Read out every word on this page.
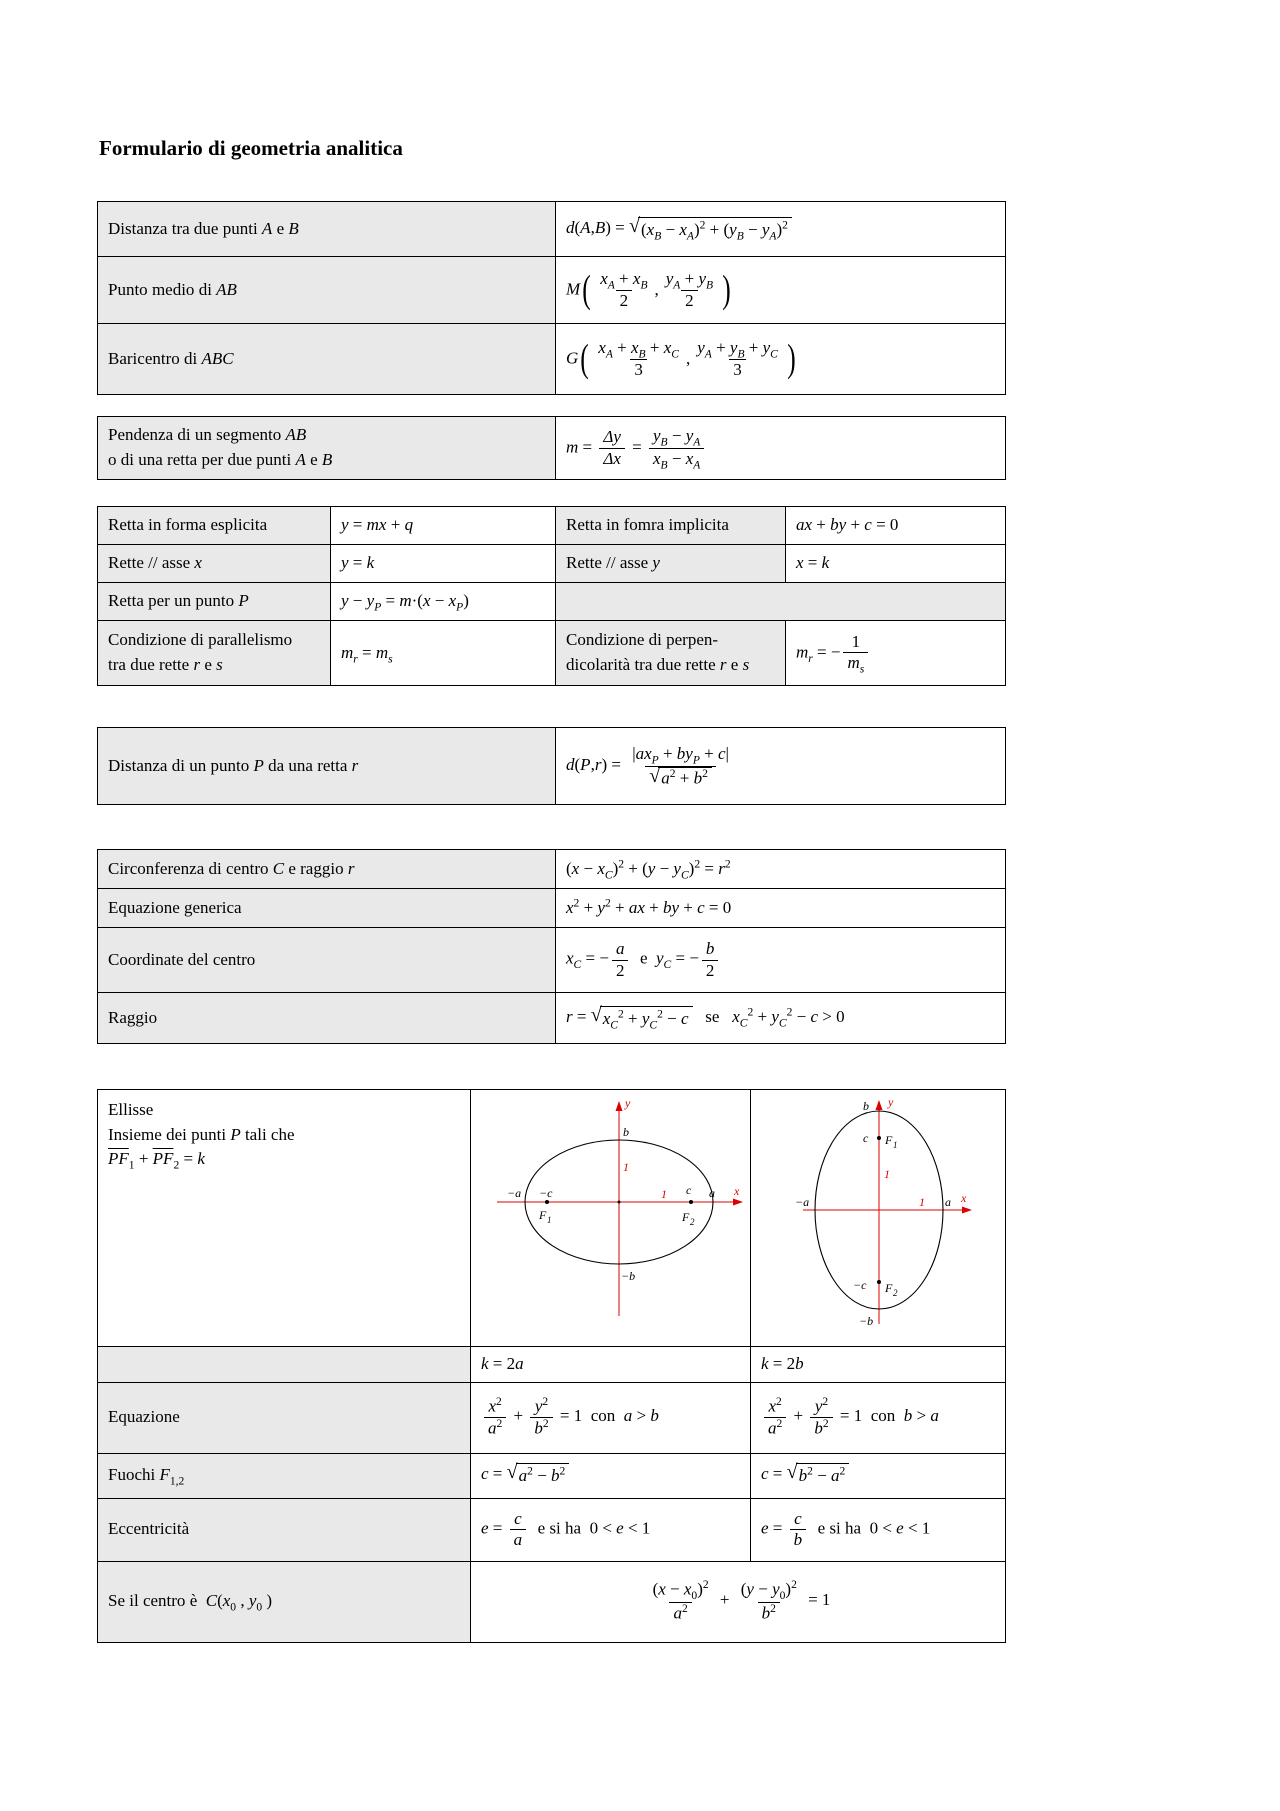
Formulario di geometria analitica
Distanza tra due punti A e B	d(A,B) = √ $(x_B - x_A)^2 + (y_B - y_A)^2$

Punto medio di AB	M ( $\frac{x_A + x_B}{2}$ , $\frac{y_A + y_B}{2}$ )

Baricentro di ABC	G ( $\frac{x_A + x_B + x_C}{3}$ , $\frac{y_A + y_B + y_C}{3}$ )
Pendenza di un segmento AB
o di una retta per due punti A e B	$m = \frac{\Delta y}{\Delta x} = \frac{y_B - y_A}{x_B - x_A}$
Retta in forma esplicita	y = mx + q	Retta in fomra implicita	ax + by + c = 0
Rette // asse x	y = k	Rette // asse y	x = k
Retta per un punto P	$y - y_P = m\cdot(x - x_P)$		
Condizione di parallelismo
tra due rette r e s	$m_r = m_s$	Condizione di perpen-
dicolarità tra due rette r e s	$m_r$ = − $\frac{1}{m_s}$
Distanza di un punto P da una retta r	$d(P,r) = \frac{|ax_P + by_P + c|}{√ a^2 + b^2}$
Circonferenza di centro C e raggio r	$(x - x_C)^2 + (y - y_C)^2 = r^2$
Equazione generica	$x^2 + y^2$ + ax + by + c = 0
Coordinate del centro	$x_C$ = − $\frac{a}{2}$ e $y_C$ = − $\frac{b}{2}$

Raggio	r = √ $x_C^2 + y_C^2 - c$ se $x_C^2 + y_C^2 - c > 0$
Ellisse
Insieme dei punti P tali che
$\overline{PF}_1 + \overline{PF}_2 = k$	
b
y
−a −c
F 1
1
1 c
F 2
a x
−b

b y
c F 1
1
−a	1 a x
−c F 2
−b

	k = 2a	k = 2b
Equazione	$\frac{x^2}{a^2} + \frac{y^2}{b^2} = 1$  con a > b	$\frac{x^2}{a^2} + \frac{y^2}{b^2} = 1$  con b > a
Fuochi $F_{1,2}$	c = √ $a^2 - b^2$	c = √ $b^2 - a^2$

Eccentricità	$e = \frac{c}{a}$ e si ha  0 < e < 1	$e = \frac{c}{b}$ e si ha  0 < e < 1
Se il centro è $C(x_0$ , $y_0$ )	$\frac{(x - x_0)^2}{a^2} + \frac{(y - y_0)^2}{b^2} = 1$
